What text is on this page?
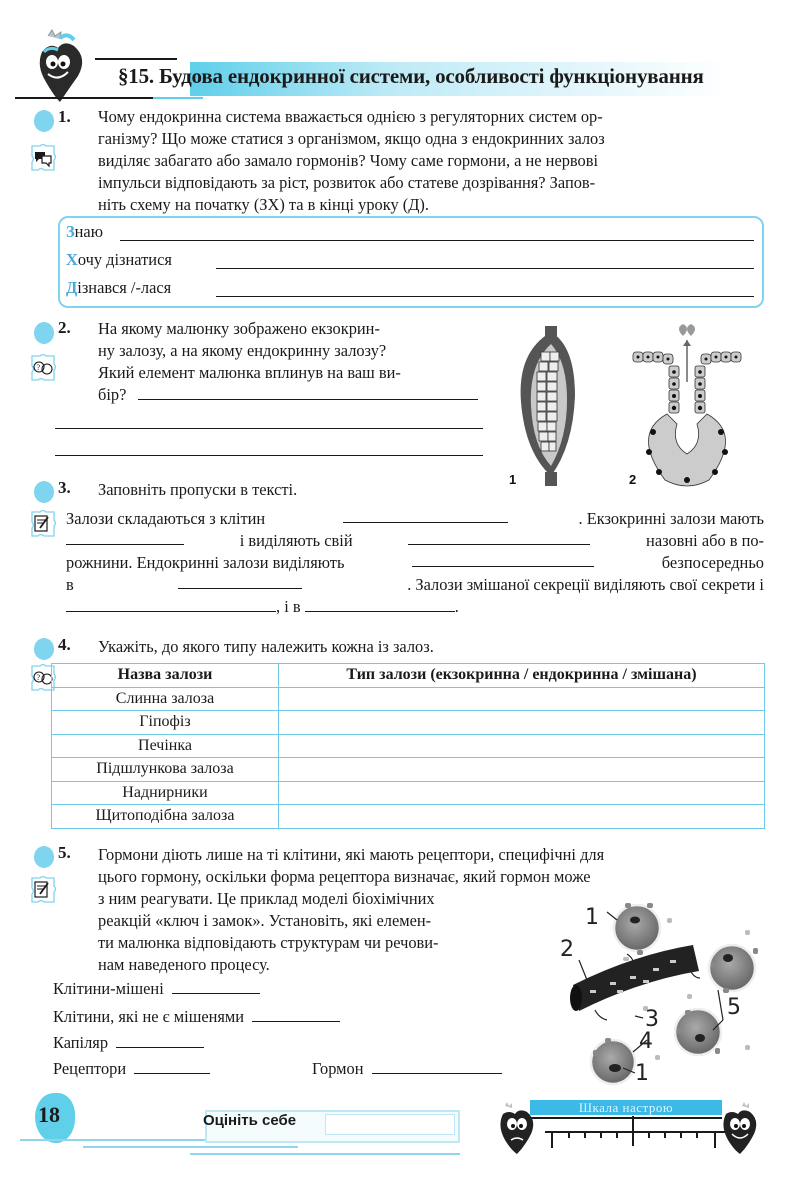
§15. Будова ендокринної системи, особливості функціонування
1. Чому ендокринна система вважається однією з регуляторних систем ор-
ганізму? Що може статися з організмом, якщо одна з ендокринних залоз
виділяє забагато або замало гормонів? Чому саме гормони, а не нервові
імпульси відповідають за ріст, розвиток або статеве дозрівання? Запов-
ніть схему на початку (ЗХ) та в кінці уроку (Д).
Знаю
Хочу дізнатися
Дізнався /-лася
2.
?
На якому малюнку зображено екзокрин-
ну залозу, а на якому ендокринну залозу?
Який елемент малюнка вплинув на ваш ви-
бір?
1	2
3. Заповніть пропуски в тексті.
Залози складаються з клітин	. Екзокринні залози мають
і виділяють свій	назовні або в по-
рожнини. Ендокринні залози виділяють	безпосередньо
в	. Залози змішаної секреції виділяють свої секрети і
, і в	.
4. Укажіть, до якого типу належить кожна із залоз.
?	Назва залози	Тип залози (екзокринна / ендокринна / змішана)
Слинна залоза	
Гіпофіз	
Печінка	
Підшлункова залоза	
Наднирники	
Щитоподібна залоза	
5. Гормони діють лише на ті клітини, які мають рецептори, специфічні для
цього гормону, оскільки форма рецептора визначає, який гормон може
з ним реагувати. Це приклад моделі біохімічних
реакцій «ключ і замок». Установіть, які елемен-
ти малюнка відповідають структурам чи речови-
нам наведеного процесу.
Клітини-мішені
Клітини, які не є мішенями
Капіляр
Рецептори	Гормон
1
2
3
4
5
1
18	Оцініть себе
Шкала настрою
